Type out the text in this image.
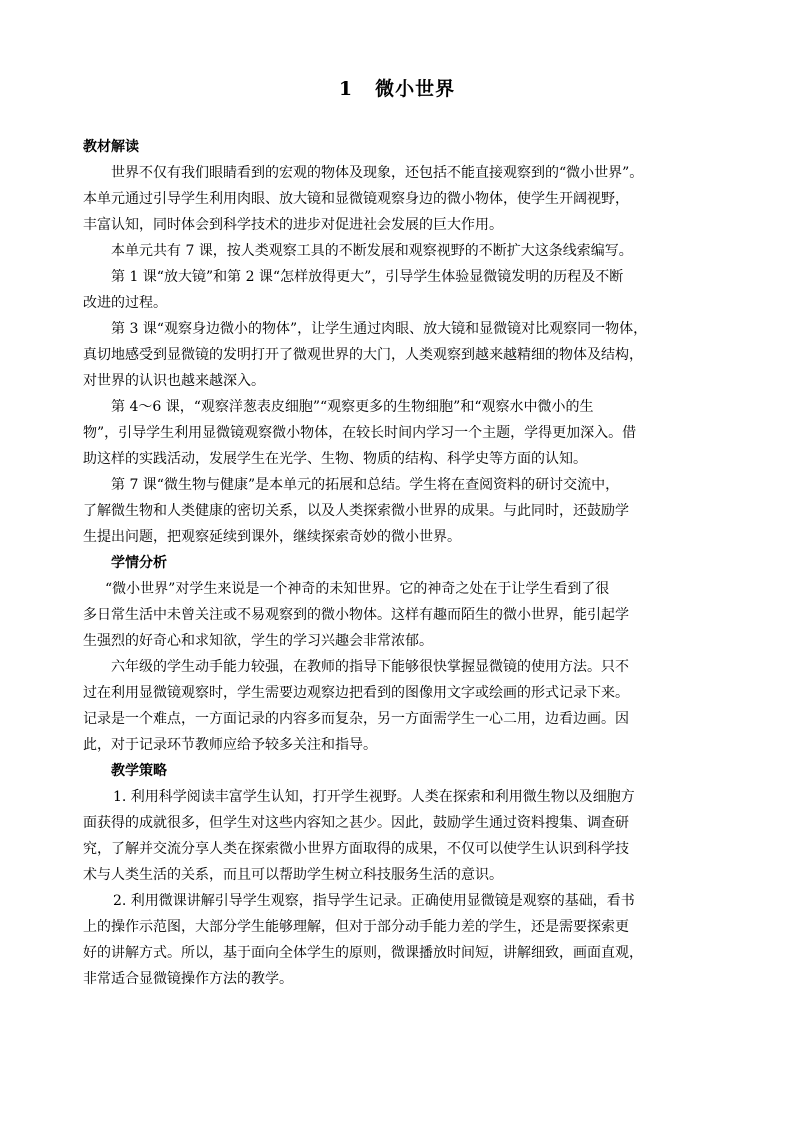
1 微小世界
教材解读
世界不仅有我们眼睛看到的宏观的物体及现象，还包括不能直接观察到的“微小世界”。
本单元通过引导学生利用肉眼、放大镜和显微镜观察身边的微小物体，使学生开阔视野，
丰富认知，同时体会到科学技术的进步对促进社会发展的巨大作用。
本单元共有 7 课，按人类观察工具的不断发展和观察视野的不断扩大这条线索编写。
第 1 课“放大镜”和第 2 课“怎样放得更大”，引导学生体验显微镜发明的历程及不断
改进的过程。
第 3 课“观察身边微小的物体”，让学生通过肉眼、放大镜和显微镜对比观察同一物体，
真切地感受到显微镜的发明打开了微观世界的大门，人类观察到越来越精细的物体及结构，
对世界的认识也越来越深入。
第 4～6 课，“观察洋葱表皮细胞”“观察更多的生物细胞”和“观察水中微小的生
物”，引导学生利用显微镜观察微小物体，在较长时间内学习一个主题，学得更加深入。借
助这样的实践活动，发展学生在光学、生物、物质的结构、科学史等方面的认知。
第 7 课“微生物与健康”是本单元的拓展和总结。学生将在查阅资料的研讨交流中，
了解微生物和人类健康的密切关系，以及人类探索微小世界的成果。与此同时，还鼓励学
生提出问题，把观察延续到课外，继续探索奇妙的微小世界。
学情分析
“微小世界”对学生来说是一个神奇的未知世界。它的神奇之处在于让学生看到了很
多日常生活中未曾关注或不易观察到的微小物体。这样有趣而陌生的微小世界，能引起学
生强烈的好奇心和求知欲，学生的学习兴趣会非常浓郁。
六年级的学生动手能力较强，在教师的指导下能够很快掌握显微镜的使用方法。只不
过在利用显微镜观察时，学生需要边观察边把看到的图像用文字或绘画的形式记录下来。
记录是一个难点，一方面记录的内容多而复杂，另一方面需学生一心二用，边看边画。因
此，对于记录环节教师应给予较多关注和指导。
教学策略
1. 利用科学阅读丰富学生认知，打开学生视野。人类在探索和利用微生物以及细胞方
面获得的成就很多，但学生对这些内容知之甚少。因此，鼓励学生通过资料搜集、调查研
究，了解并交流分享人类在探索微小世界方面取得的成果，不仅可以使学生认识到科学技
术与人类生活的关系，而且可以帮助学生树立科技服务生活的意识。
2. 利用微课讲解引导学生观察，指导学生记录。正确使用显微镜是观察的基础，看书
上的操作示范图，大部分学生能够理解，但对于部分动手能力差的学生，还是需要探索更
好的讲解方式。所以，基于面向全体学生的原则，微课播放时间短，讲解细致，画面直观，
非常适合显微镜操作方法的教学。
